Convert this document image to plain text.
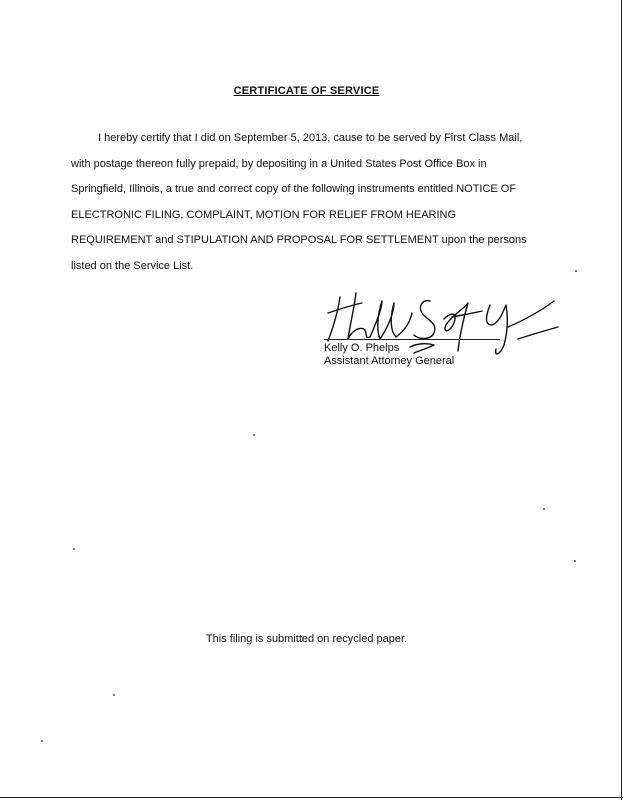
CERTIFICATE OF SERVICE
I hereby certify that I did on September 5, 2013, cause to be served by First Class Mail,
with postage thereon fully prepaid, by depositing in a United States Post Office Box in
Springfield, Illinois, a true and correct copy of the following instruments entitled NOTICE OF
ELECTRONIC FILING, COMPLAINT, MOTION FOR RELIEF FROM HEARING
REQUIREMENT and STIPULATION AND PROPOSAL FOR SETTLEMENT upon the persons
listed on the Service List.
Kelly O. Phelps
Assistant Attorney General
This filing is submitted on recycled paper.
